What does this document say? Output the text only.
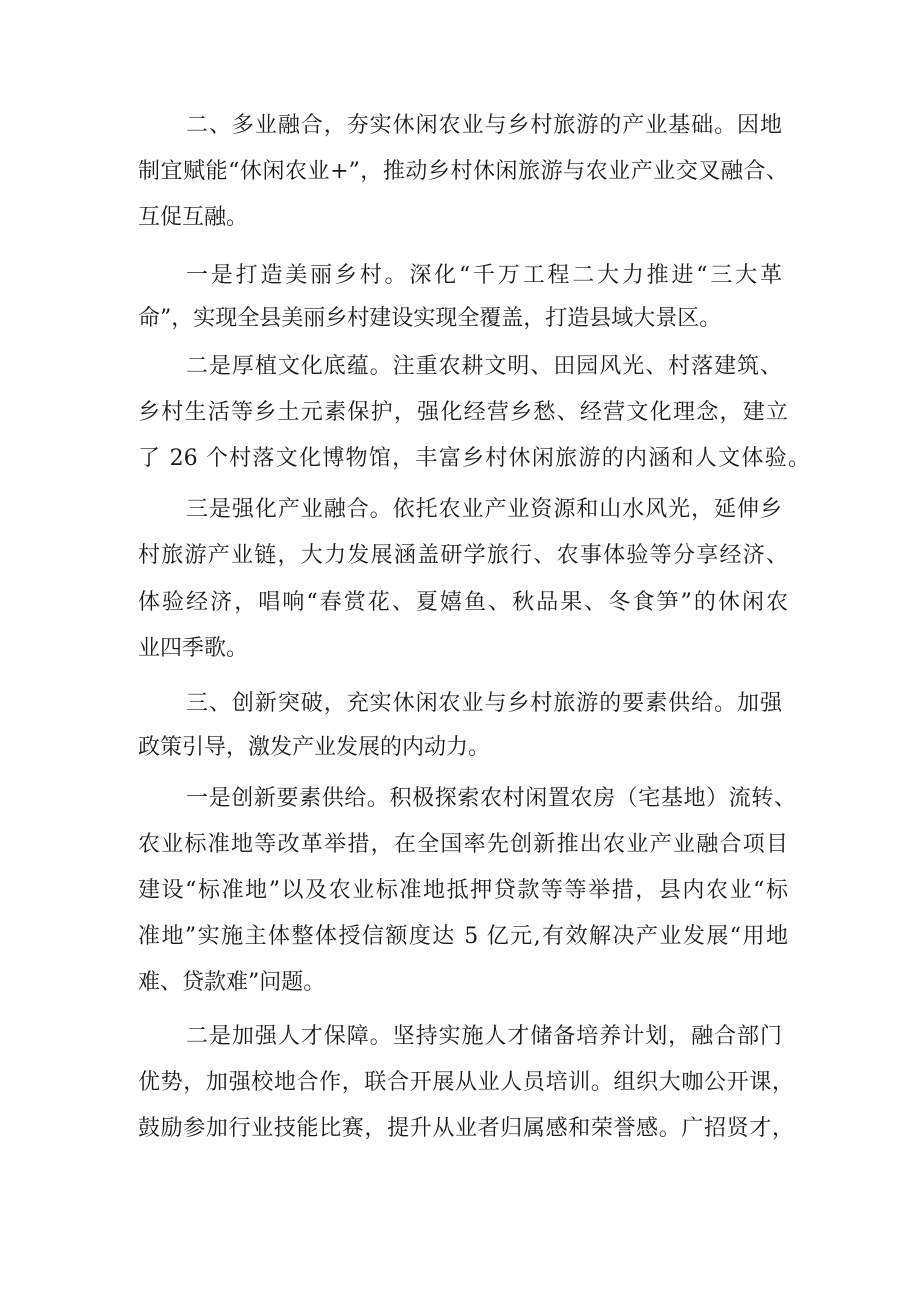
二、多业融合，夯实休闲农业与乡村旅游的产业基础。因地

制宜赋能“休闲农业+”，推动乡村休闲旅游与农业产业交叉融合、

互促互融。

一是打造美丽乡村。深化“千万工程二大力推进“三大革

命”，实现全县美丽乡村建设实现全覆盖，打造县域大景区。

二是厚植文化底蕴。注重农耕文明、田园风光、村落建筑、

乡村生活等乡土元素保护，强化经营乡愁、经营文化理念，建立

了 26 个村落文化博物馆，丰富乡村休闲旅游的内涵和人文体验。

三是强化产业融合。依托农业产业资源和山水风光，延伸乡

村旅游产业链，大力发展涵盖研学旅行、农事体验等分享经济、

体验经济，唱响“春赏花、夏嬉鱼、秋品果、冬食笋”的休闲农

业四季歌。

三、创新突破，充实休闲农业与乡村旅游的要素供给。加强

政策引导，激发产业发展的内动力。

一是创新要素供给。积极探索农村闲置农房（宅基地）流转、

农业标准地等改革举措，在全国率先创新推出农业产业融合项目

建设“标准地”以及农业标准地抵押贷款等等举措，县内农业“标

准地”实施主体整体授信额度达 5 亿元,有效解决产业发展“用地

难、贷款难”问题。

二是加强人才保障。坚持实施人才储备培养计划，融合部门

优势，加强校地合作，联合开展从业人员培训。组织大咖公开课，

鼓励参加行业技能比赛，提升从业者归属感和荣誉感。广招贤才，
